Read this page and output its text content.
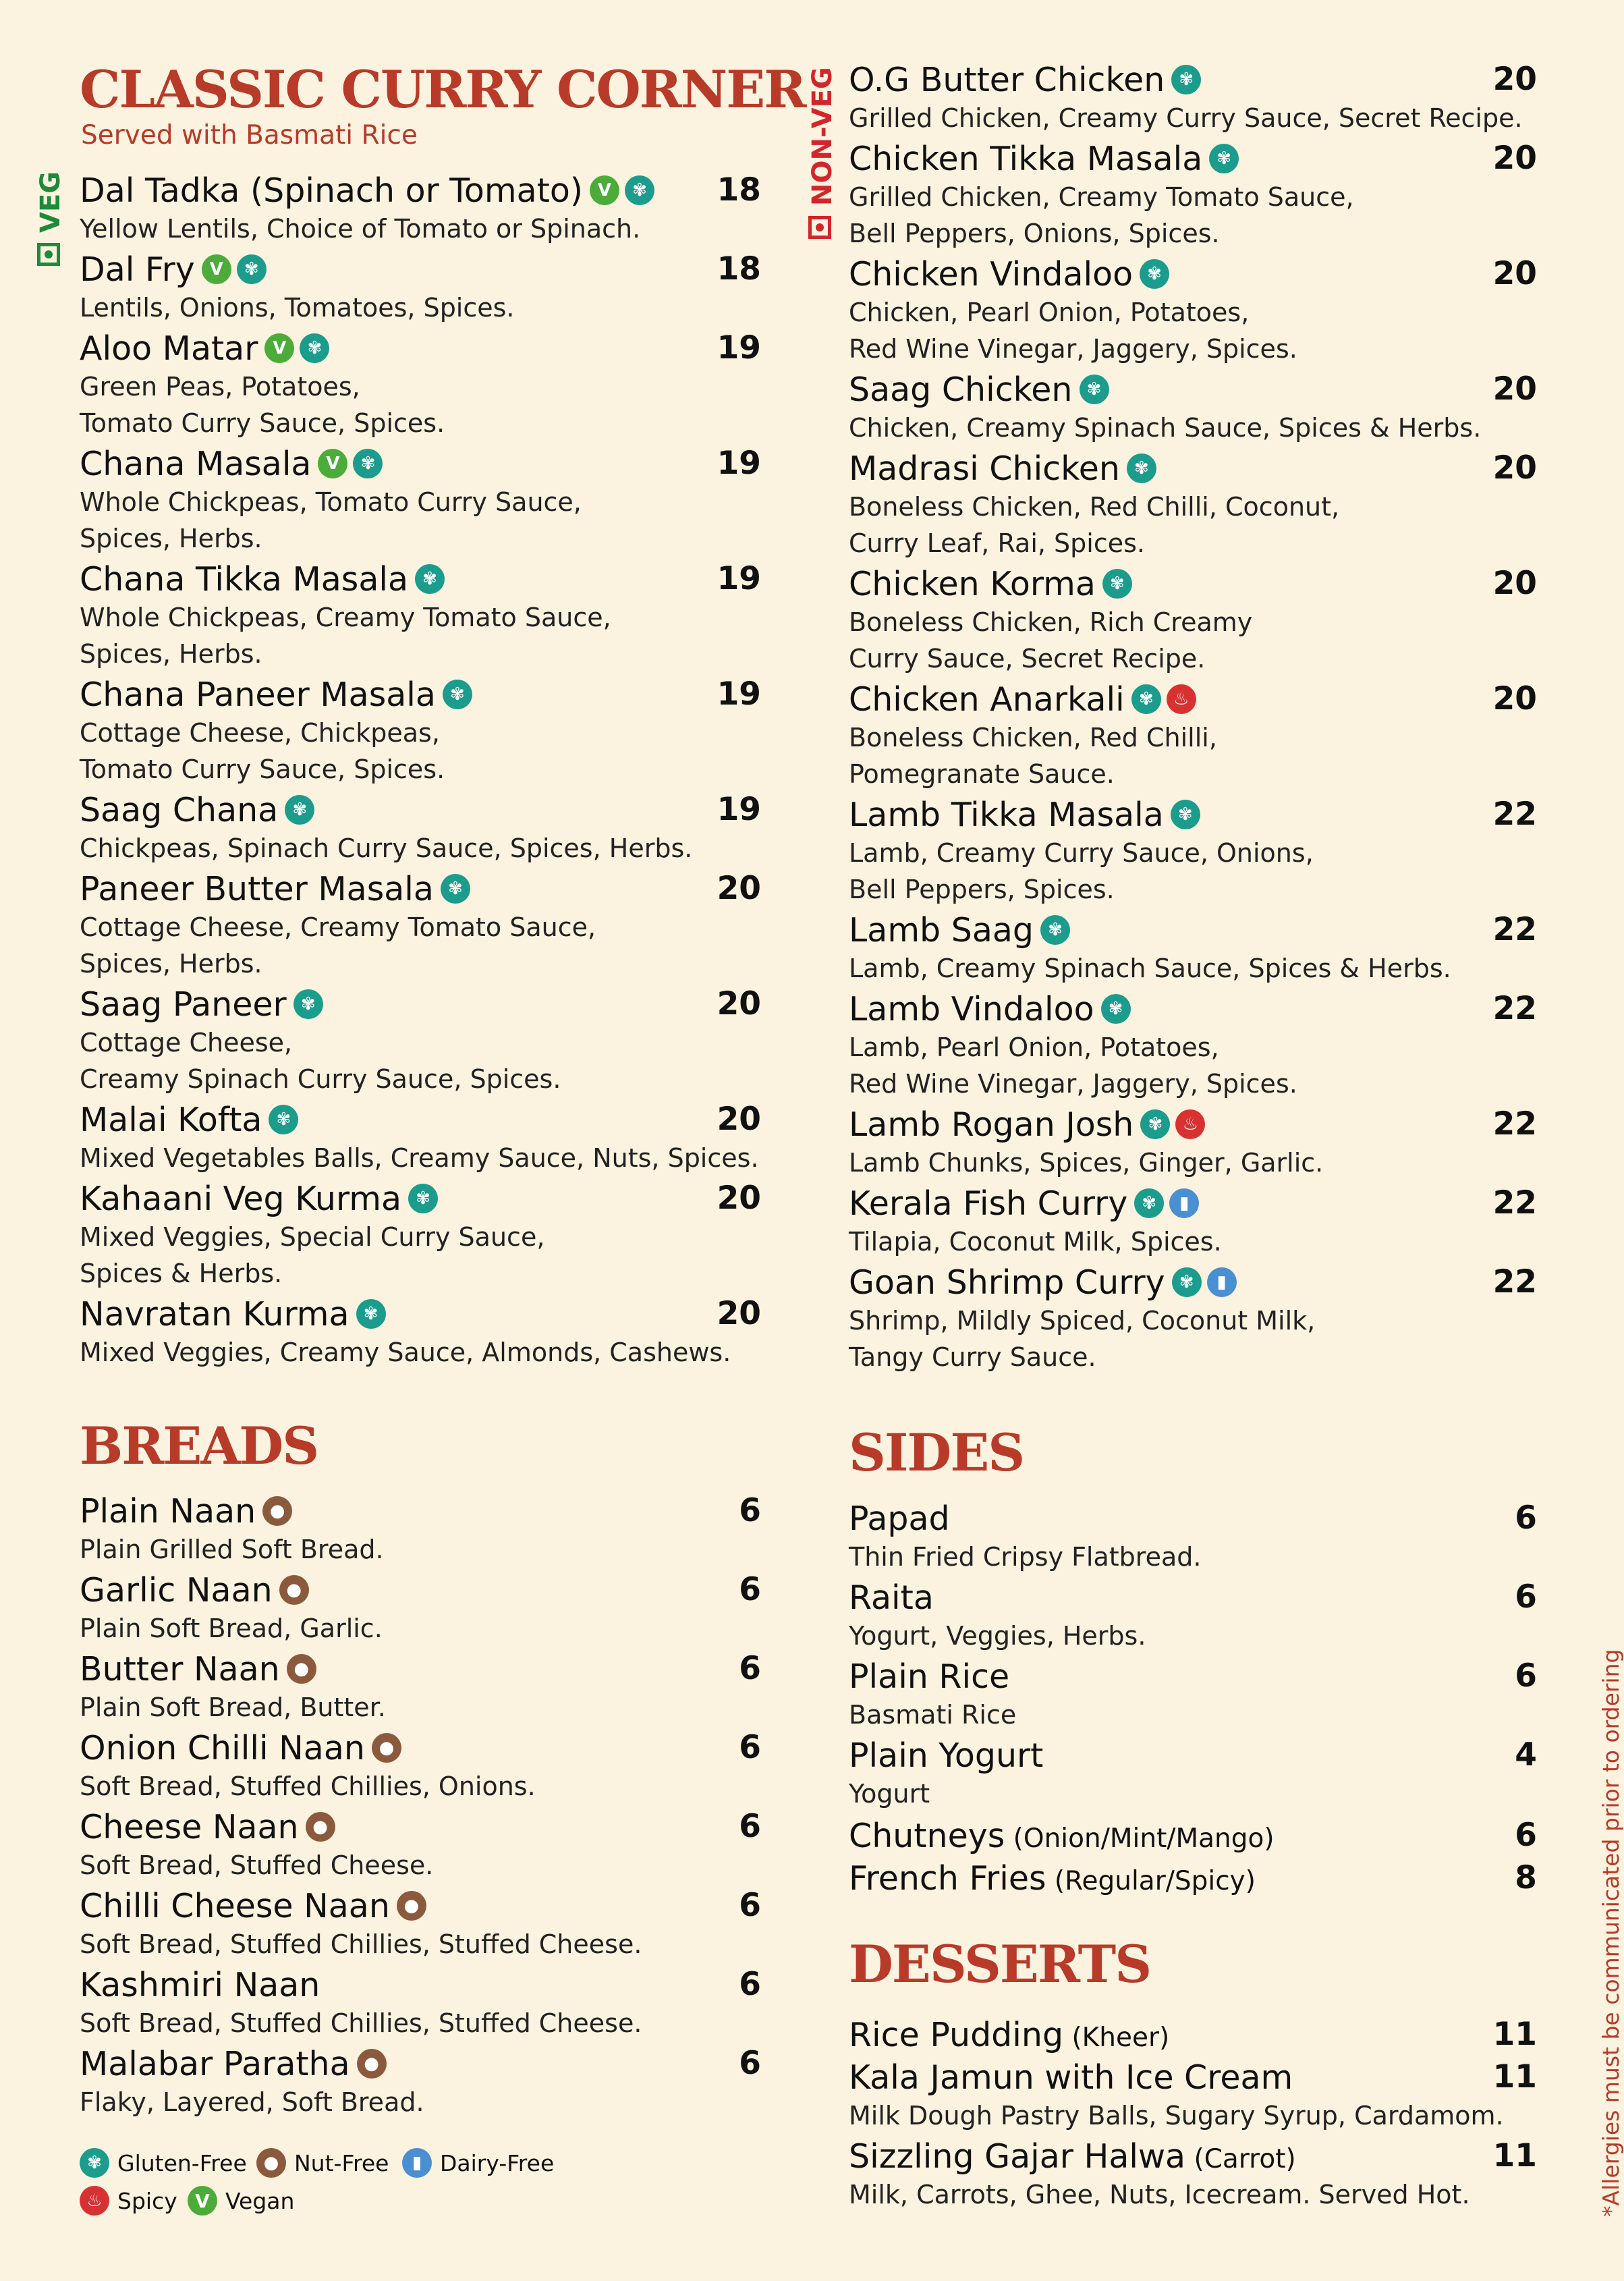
CLASSIC CURRY CORNER
Served with Basmati Rice
Dal Tadka (Spinach or Tomato) V ✾ 18
Yellow Lentils, Choice of Tomato or Spinach.
Dal Fry V ✾	18
Lentils, Onions, Tomatoes, Spices.
Aloo Matar V ✾	19
Green Peas, Potatoes,
Tomato Curry Sauce, Spices.
Chana Masala V ✾	19
Whole Chickpeas, Tomato Curry Sauce,
Spices, Herbs.
Chana Tikka Masala ✾	19
Whole Chickpeas, Creamy Tomato Sauce,
Spices, Herbs.
Chana Paneer Masala ✾	19
Cottage Cheese, Chickpeas,
Tomato Curry Sauce, Spices.
Saag Chana ✾	19
Chickpeas, Spinach Curry Sauce, Spices, Herbs.
Paneer Butter Masala ✾	20
Cottage Cheese, Creamy Tomato Sauce,
Spices, Herbs.
Saag Paneer ✾	20
Cottage Cheese,
Creamy Spinach Curry Sauce, Spices.
Malai Kofta ✾	20
Mixed Vegetables Balls, Creamy Sauce, Nuts, Spices.
Kahaani Veg Kurma ✾	20
Mixed Veggies, Special Curry Sauce,
Spices & Herbs.
Navratan Kurma ✾	20
Mixed Veggies, Creamy Sauce, Almonds, Cashews.
BREADS
Plain Naan ●	6
Plain Grilled Soft Bread.
Garlic Naan ●	6
Plain Soft Bread, Garlic.
Butter Naan ●	6
Plain Soft Bread, Butter.
Onion Chilli Naan ●	6
Soft Bread, Stuffed Chillies, Onions.
Cheese Naan ●	6
Soft Bread, Stuffed Cheese.
Chilli Cheese Naan ●	6
Soft Bread, Stuffed Chillies, Stuffed Cheese.
Kashmiri Naan	6
Soft Bread, Stuffed Chillies, Stuffed Cheese.
Malabar Paratha ●	6
Flaky, Layered, Soft Bread.
VEG	NON-VEG O.G Butter Chicken ✾	20
Grilled Chicken, Creamy Curry Sauce, Secret Recipe.
Chicken Tikka Masala ✾	20
Grilled Chicken, Creamy Tomato Sauce,
Bell Peppers, Onions, Spices.
Chicken Vindaloo ✾	20
Chicken, Pearl Onion, Potatoes,
Red Wine Vinegar, Jaggery, Spices.
Saag Chicken ✾	20
Chicken, Creamy Spinach Sauce, Spices & Herbs.
Madrasi Chicken ✾	20
Boneless Chicken, Red Chilli, Coconut,
Curry Leaf, Rai, Spices.
Chicken Korma ✾	20
Boneless Chicken, Rich Creamy
Curry Sauce, Secret Recipe.
Chicken Anarkali ✾ ♨	20
Boneless Chicken, Red Chilli,
Pomegranate Sauce.
Lamb Tikka Masala ✾	22
Lamb, Creamy Curry Sauce, Onions,
Bell Peppers, Spices.
Lamb Saag ✾	22
Lamb, Creamy Spinach Sauce, Spices & Herbs.
Lamb Vindaloo ✾	22
Lamb, Pearl Onion, Potatoes,
Red Wine Vinegar, Jaggery, Spices.
Lamb Rogan Josh ✾ ♨	22
Lamb Chunks, Spices, Ginger, Garlic.
Kerala Fish Curry ✾ ▮	22
Tilapia, Coconut Milk, Spices.
Goan Shrimp Curry ✾ ▮	22
Shrimp, Mildly Spiced, Coconut Milk,
Tangy Curry Sauce.
SIDES
Papad	6
Thin Fried Cripsy Flatbread.
Raita	6
Yogurt, Veggies, Herbs.
Plain Rice	6
Basmati Rice
Plain Yogurt	4
Yogurt
Chutneys (Onion/Mint/Mango)	6
French Fries (Regular/Spicy)	8
DESSERTS
Rice Pudding (Kheer)	11
Kala Jamun with Ice Cream	11
Milk Dough Pastry Balls, Sugary Syrup, Cardamom.
Sizzling Gajar Halwa (Carrot)	11
Milk, Carrots, Ghee, Nuts, Icecream. Served Hot.
✾ Gluten-Free ● Nut-Free ▮ Dairy-Free
♨ Spicy V Vegan	*Allergies must be communicated prior to ordering
